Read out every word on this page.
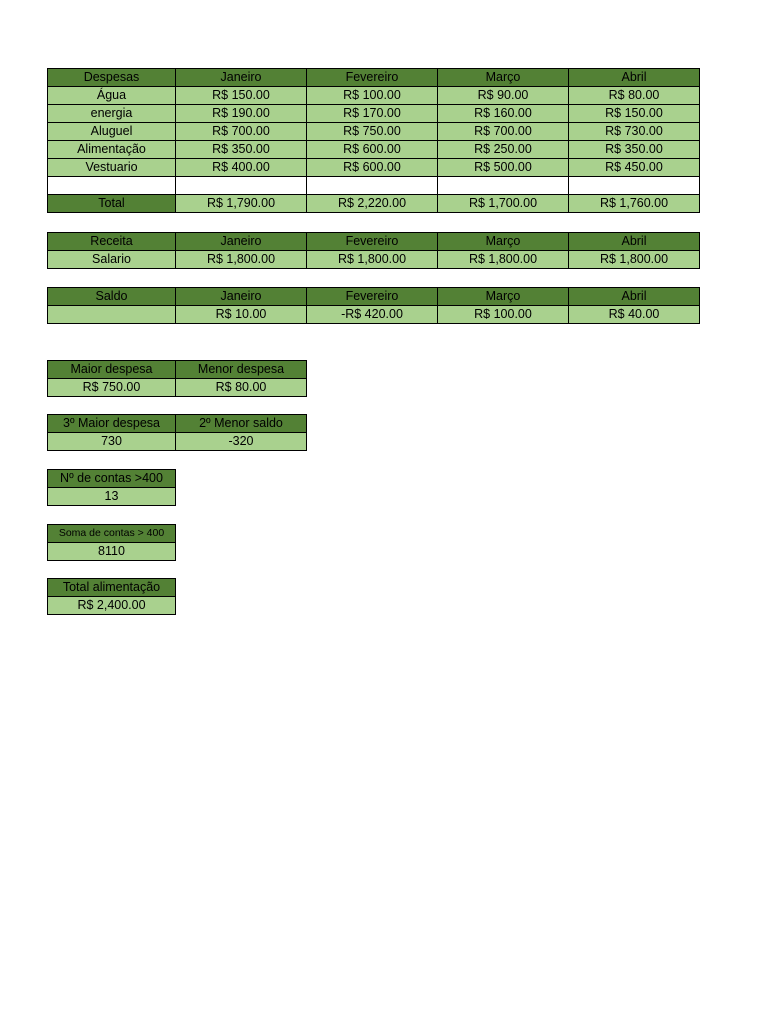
Despesas	Janeiro	Fevereiro	Março	Abril
Água	R$ 150.00	R$ 100.00	R$ 90.00	R$ 80.00
energia	R$ 190.00	R$ 170.00	R$ 160.00	R$ 150.00
Aluguel	R$ 700.00	R$ 750.00	R$ 700.00	R$ 730.00
Alimentação	R$ 350.00	R$ 600.00	R$ 250.00	R$ 350.00
Vestuario	R$ 400.00	R$ 600.00	R$ 500.00	R$ 450.00

Total	R$ 1,790.00	R$ 2,220.00	R$ 1,700.00	R$ 1,760.00
Receita	Janeiro	Fevereiro	Março	Abril
Salario	R$ 1,800.00	R$ 1,800.00	R$ 1,800.00	R$ 1,800.00
Saldo	Janeiro	Fevereiro	Março	Abril
	R$ 10.00	-R$ 420.00	R$ 100.00	R$ 40.00
Maior despesa	Menor despesa
R$ 750.00	R$ 80.00
3º Maior despesa	2º Menor saldo
730	-320
Nº de contas >400
13
Soma de contas > 400
8110
Total alimentação
R$ 2,400.00
